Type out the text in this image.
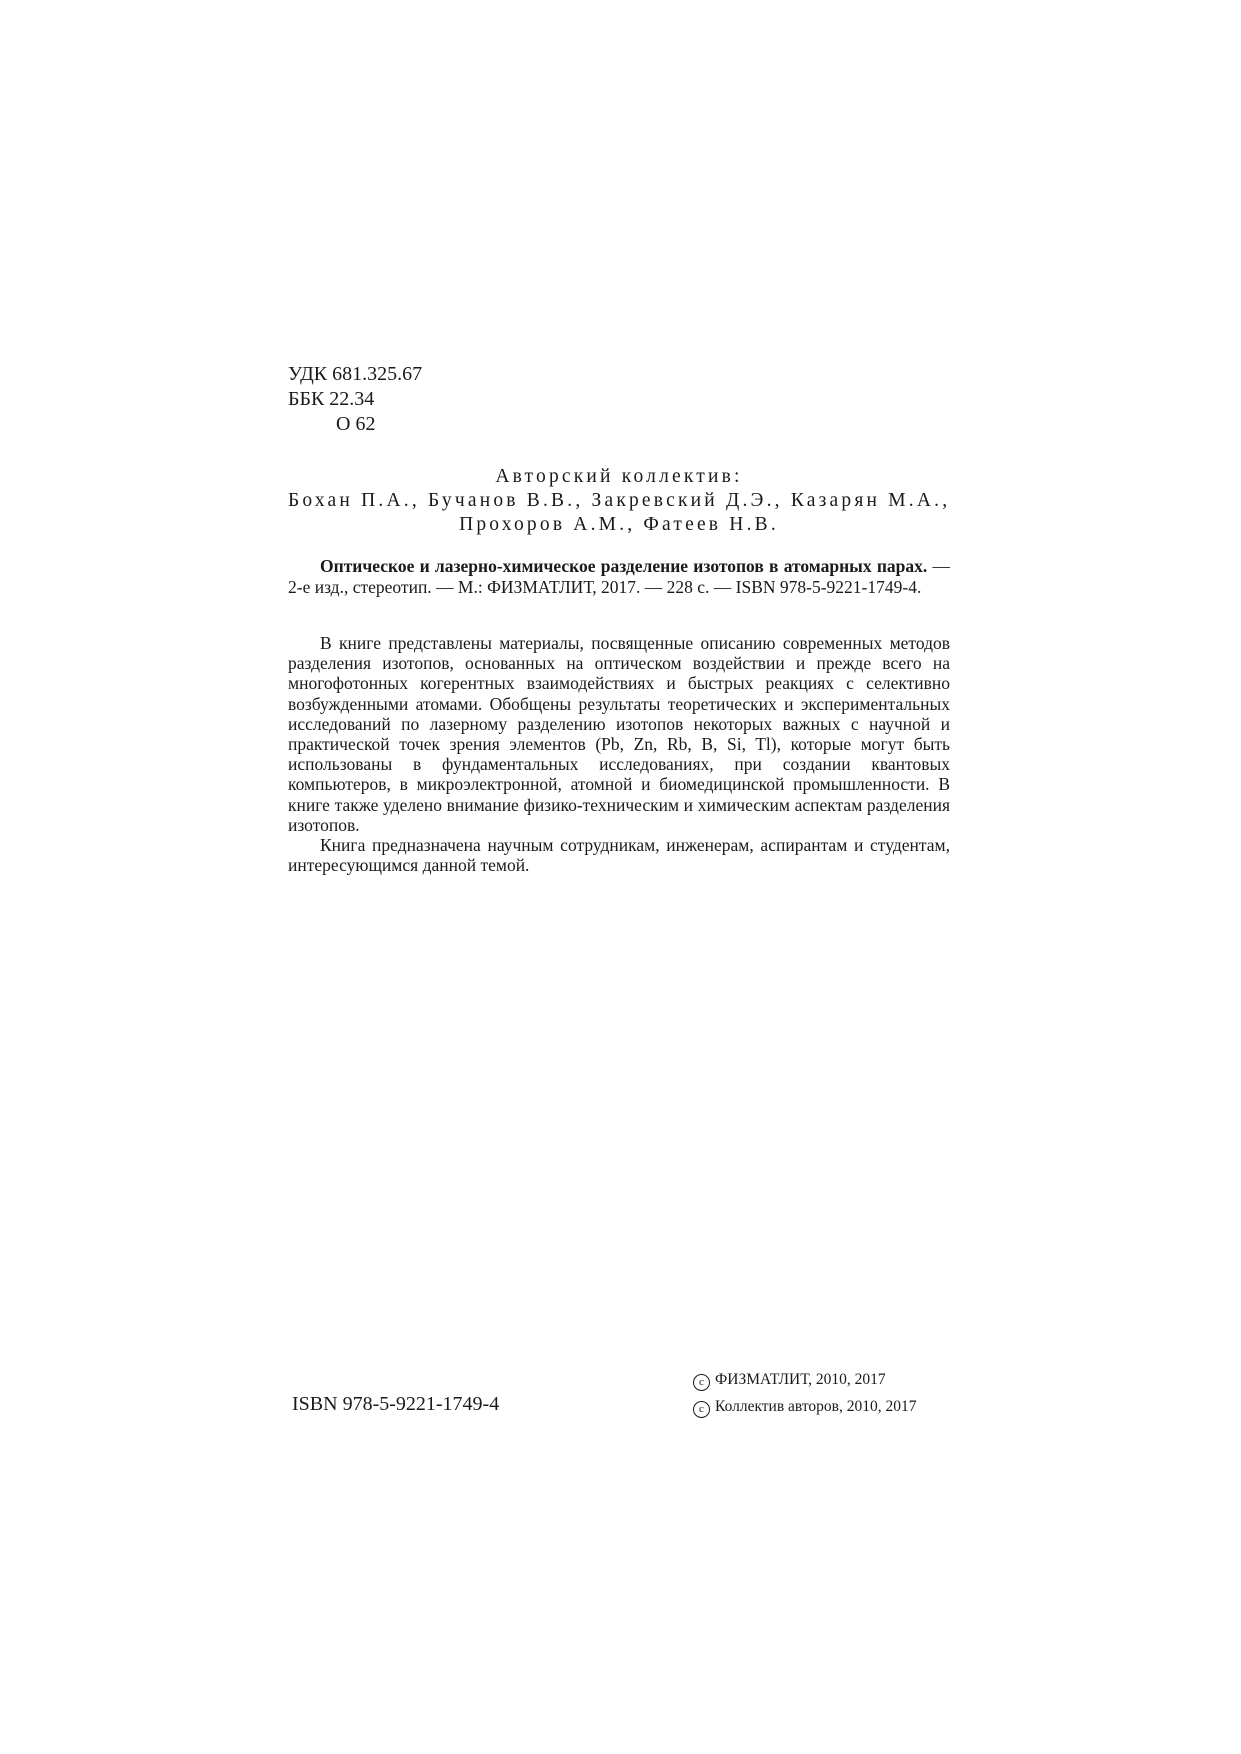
УДК 681.325.67
ББК 22.34
О 62
Авторский коллектив:
Бохан П.А., Бучанов В.В., Закревский Д.Э., Казарян М.А.,
Прохоров А.М., Фатеев Н.В.
Оптическое и лазерно-химическое разделение изотопов в атомарных парах. — 2-е изд., стереотип. — М.: ФИЗМАТЛИТ, 2017. — 228 с. — ISBN 978-5-9221-1749-4.

В книге представлены материалы, посвященные описанию современных методов разделения изотопов, основанных на оптическом воздействии и прежде всего на многофотонных когерентных взаимодействиях и быстрых реакциях с селективно возбужденными атомами. Обобщены результаты теоретических и экспериментальных исследований по лазерному разделению изотопов некоторых важных с научной и практической точек зрения элементов (Pb, Zn, Rb, B, Si, Tl), которые могут быть использованы в фундаментальных исследованиях, при создании квантовых компьютеров, в микроэлектронной, атомной и биомедицинской промышленности. В книге также уделено внимание физико-техническим и химическим аспектам разделения изотопов.

Книга предназначена научным сотрудникам, инженерам, аспирантам и студентам, интересующимся данной темой.

ISBN 978-5-9221-1749-4
c ФИЗМАТЛИТ, 2010, 2017
c Коллектив авторов, 2010, 2017
